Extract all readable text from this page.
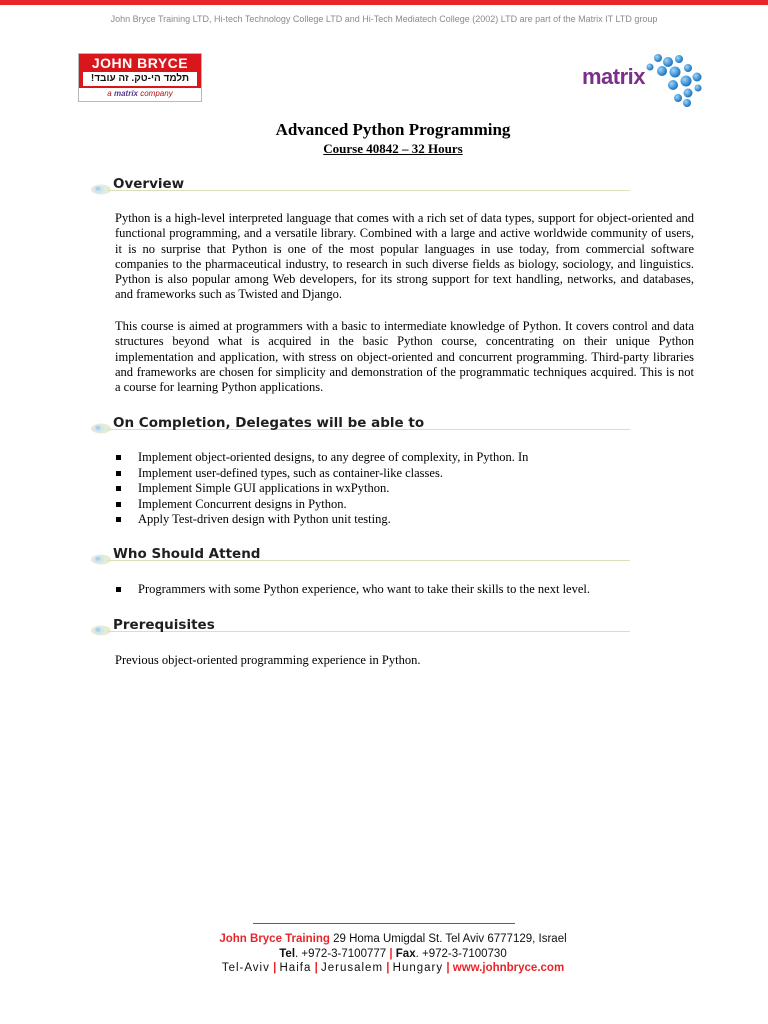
John Bryce Training LTD, Hi-tech Technology College LTD and Hi-Tech Mediatech College (2002) LTD are part of the Matrix IT LTD group
JOHN BRYCE
תלמד הי-טק. זה עובד!
a matrix company
matrix
Advanced Python Programming
Course 40842 – 32 Hours
Overview
Python is a high-level interpreted language that comes with a rich set of data types, support for object-oriented and functional programming, and a versatile library. Combined with a large and active worldwide community of users, it is no surprise that Python is one of the most popular languages in use today, from commercial software companies to the pharmaceutical industry, to research in such diverse fields as biology, sociology, and linguistics. Python is also popular among Web developers, for its strong support for text handling, networks, and databases, and frameworks such as Twisted and Django.
This course is aimed at programmers with a basic to intermediate knowledge of Python. It covers control and data structures beyond what is acquired in the basic Python course, concentrating on their unique Python implementation and application, with stress on object-oriented and concurrent programming. Third-party libraries and frameworks are chosen for simplicity and demonstration of the programmatic techniques acquired. This is not a course for learning Python applications.
On Completion, Delegates will be able to
Implement object-oriented designs, to any degree of complexity, in Python. In
Implement user-defined types, such as container-like classes.
Implement Simple GUI applications in wxPython.
Implement Concurrent designs in Python.
Apply Test-driven design with Python unit testing.
Who Should Attend
Programmers with some Python experience, who want to take their skills to the next level.
Prerequisites
Previous object-oriented programming experience in Python.
John Bryce Training 29 Homa Umigdal St. Tel Aviv 6777129, Israel
Tel. +972-3-7100777 | Fax. +972-3-7100730
Tel-Aviv | Haifa | Jerusalem | Hungary | www.johnbryce.com
